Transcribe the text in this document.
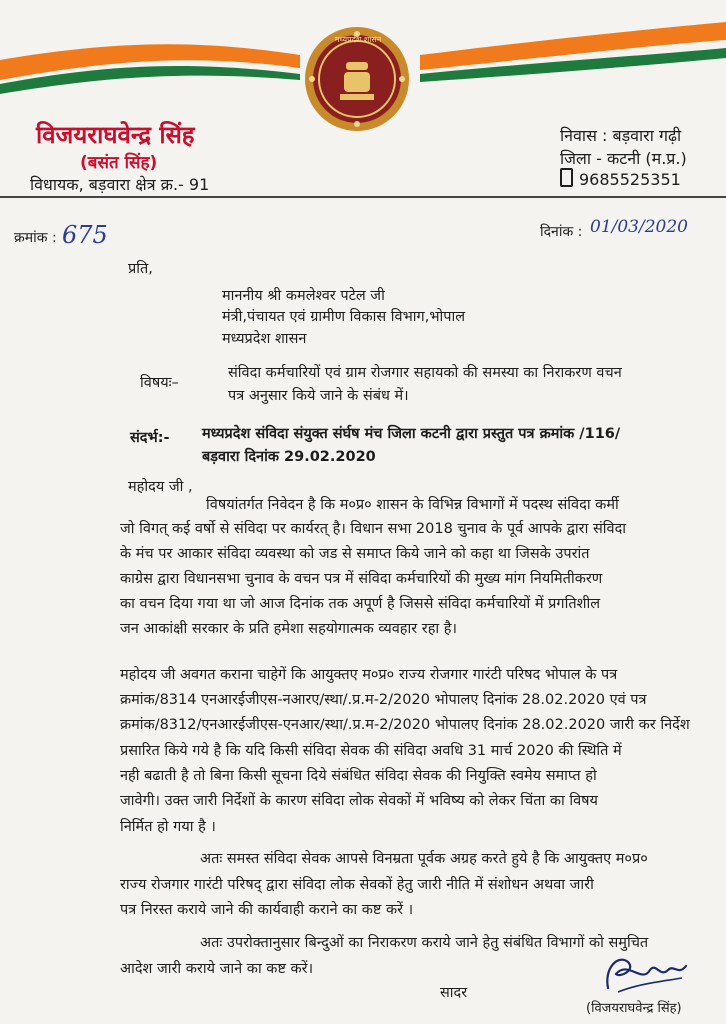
मध्यप्रदेश शासन
विजयराघवेन्द्र सिंह
(बसंत सिंह)
विधायक, बड़वारा क्षेत्र क्र.- 91
निवास : बड़वारा गढ़ी
जिला - कटनी (म.प्र.)
9685525351
क्रमांक : 675	दिनांक : 01/03/2020
प्रति,
माननीय श्री कमलेश्वर पटेल जी
मंत्री,पंचायत एवं ग्रामीण विकास विभाग,भोपाल
मध्यप्रदेश शासन
विषयः–
संविदा कर्मचारियों एवं ग्राम रोजगार सहायको की समस्या का निराकरण वचन
पत्र अनुसार किये जाने के संबंध में।
संदर्भ:- मध्यप्रदेश संविदा संयुक्त संर्घष मंच जिला कटनी द्वारा प्रस्तुत पत्र क्रमांक /116/
बड़वारा दिनांक 29.02.2020
महोदय जी ,
विषयांतर्गत निवेदन है कि म०प्र० शासन के विभिन्न विभागों में पदस्थ संविदा कर्मी
जो विगत् कई वर्षो से संविदा पर कार्यरत् है। विधान सभा 2018 चुनाव के पूर्व आपके द्वारा संविदा
के मंच पर आकार संविदा व्यवस्था को जड से समाप्त किये जाने को कहा था जिसके उपरांत
काग्रेस द्वारा विधानसभा चुनाव के वचन पत्र में संविदा कर्मचारियों की मुख्य मांग नियमितीकरण
का वचन दिया गया था जो आज दिनांक तक अपूर्ण है जिससे संविदा कर्मचारियों में प्रगतिशील
जन आकांक्षी सरकार के प्रति हमेशा सहयोगात्मक व्यवहार रहा है।
महोदय जी अवगत कराना चाहेगें कि आयुक्तए म०प्र० राज्य रोजगार गारंटी परिषद भोपाल के पत्र
क्रमांक/8314 एनआरईजीएस-नआरए/स्था/.प्र.म-2/2020 भोपालए दिनांक 28.02.2020 एवं पत्र
क्रमांक/8312/एनआरईजीएस-एनआर/स्था/.प्र.म-2/2020 भोपालए दिनांक 28.02.2020 जारी कर निर्देश
प्रसारित किये गये है कि यदि किसी संविदा सेवक की संविदा अवधि 31 मार्च 2020 की स्थिति में
नही बढाती है तो बिना किसी सूचना दिये संबंधित संविदा सेवक की नियुक्ति स्वमेय समाप्त हो
जावेगी। उक्त जारी निर्देशों के कारण संविदा लोक सेवकों में भविष्य को लेकर चिंता का विषय
निर्मित हो गया है ।
अतः समस्त संविदा सेवक आपसे विनम्रता पूर्वक अग्रह करते हुये है कि आयुक्तए म०प्र०
राज्य रोजगार गारंटी परिषद् द्वारा संविदा लोक सेवकों हेतु जारी नीति में संशोधन अथवा जारी
पत्र निरस्त कराये जाने की कार्यवाही कराने का कष्ट करें ।
अतः उपरोक्तानुसार बिन्दुओं का निराकरण कराये जाने हेतु संबंधित विभागों को समुचित
आदेश जारी कराये जाने का कष्ट करें।
सादर
(विजयराघवेन्द्र सिंह)
